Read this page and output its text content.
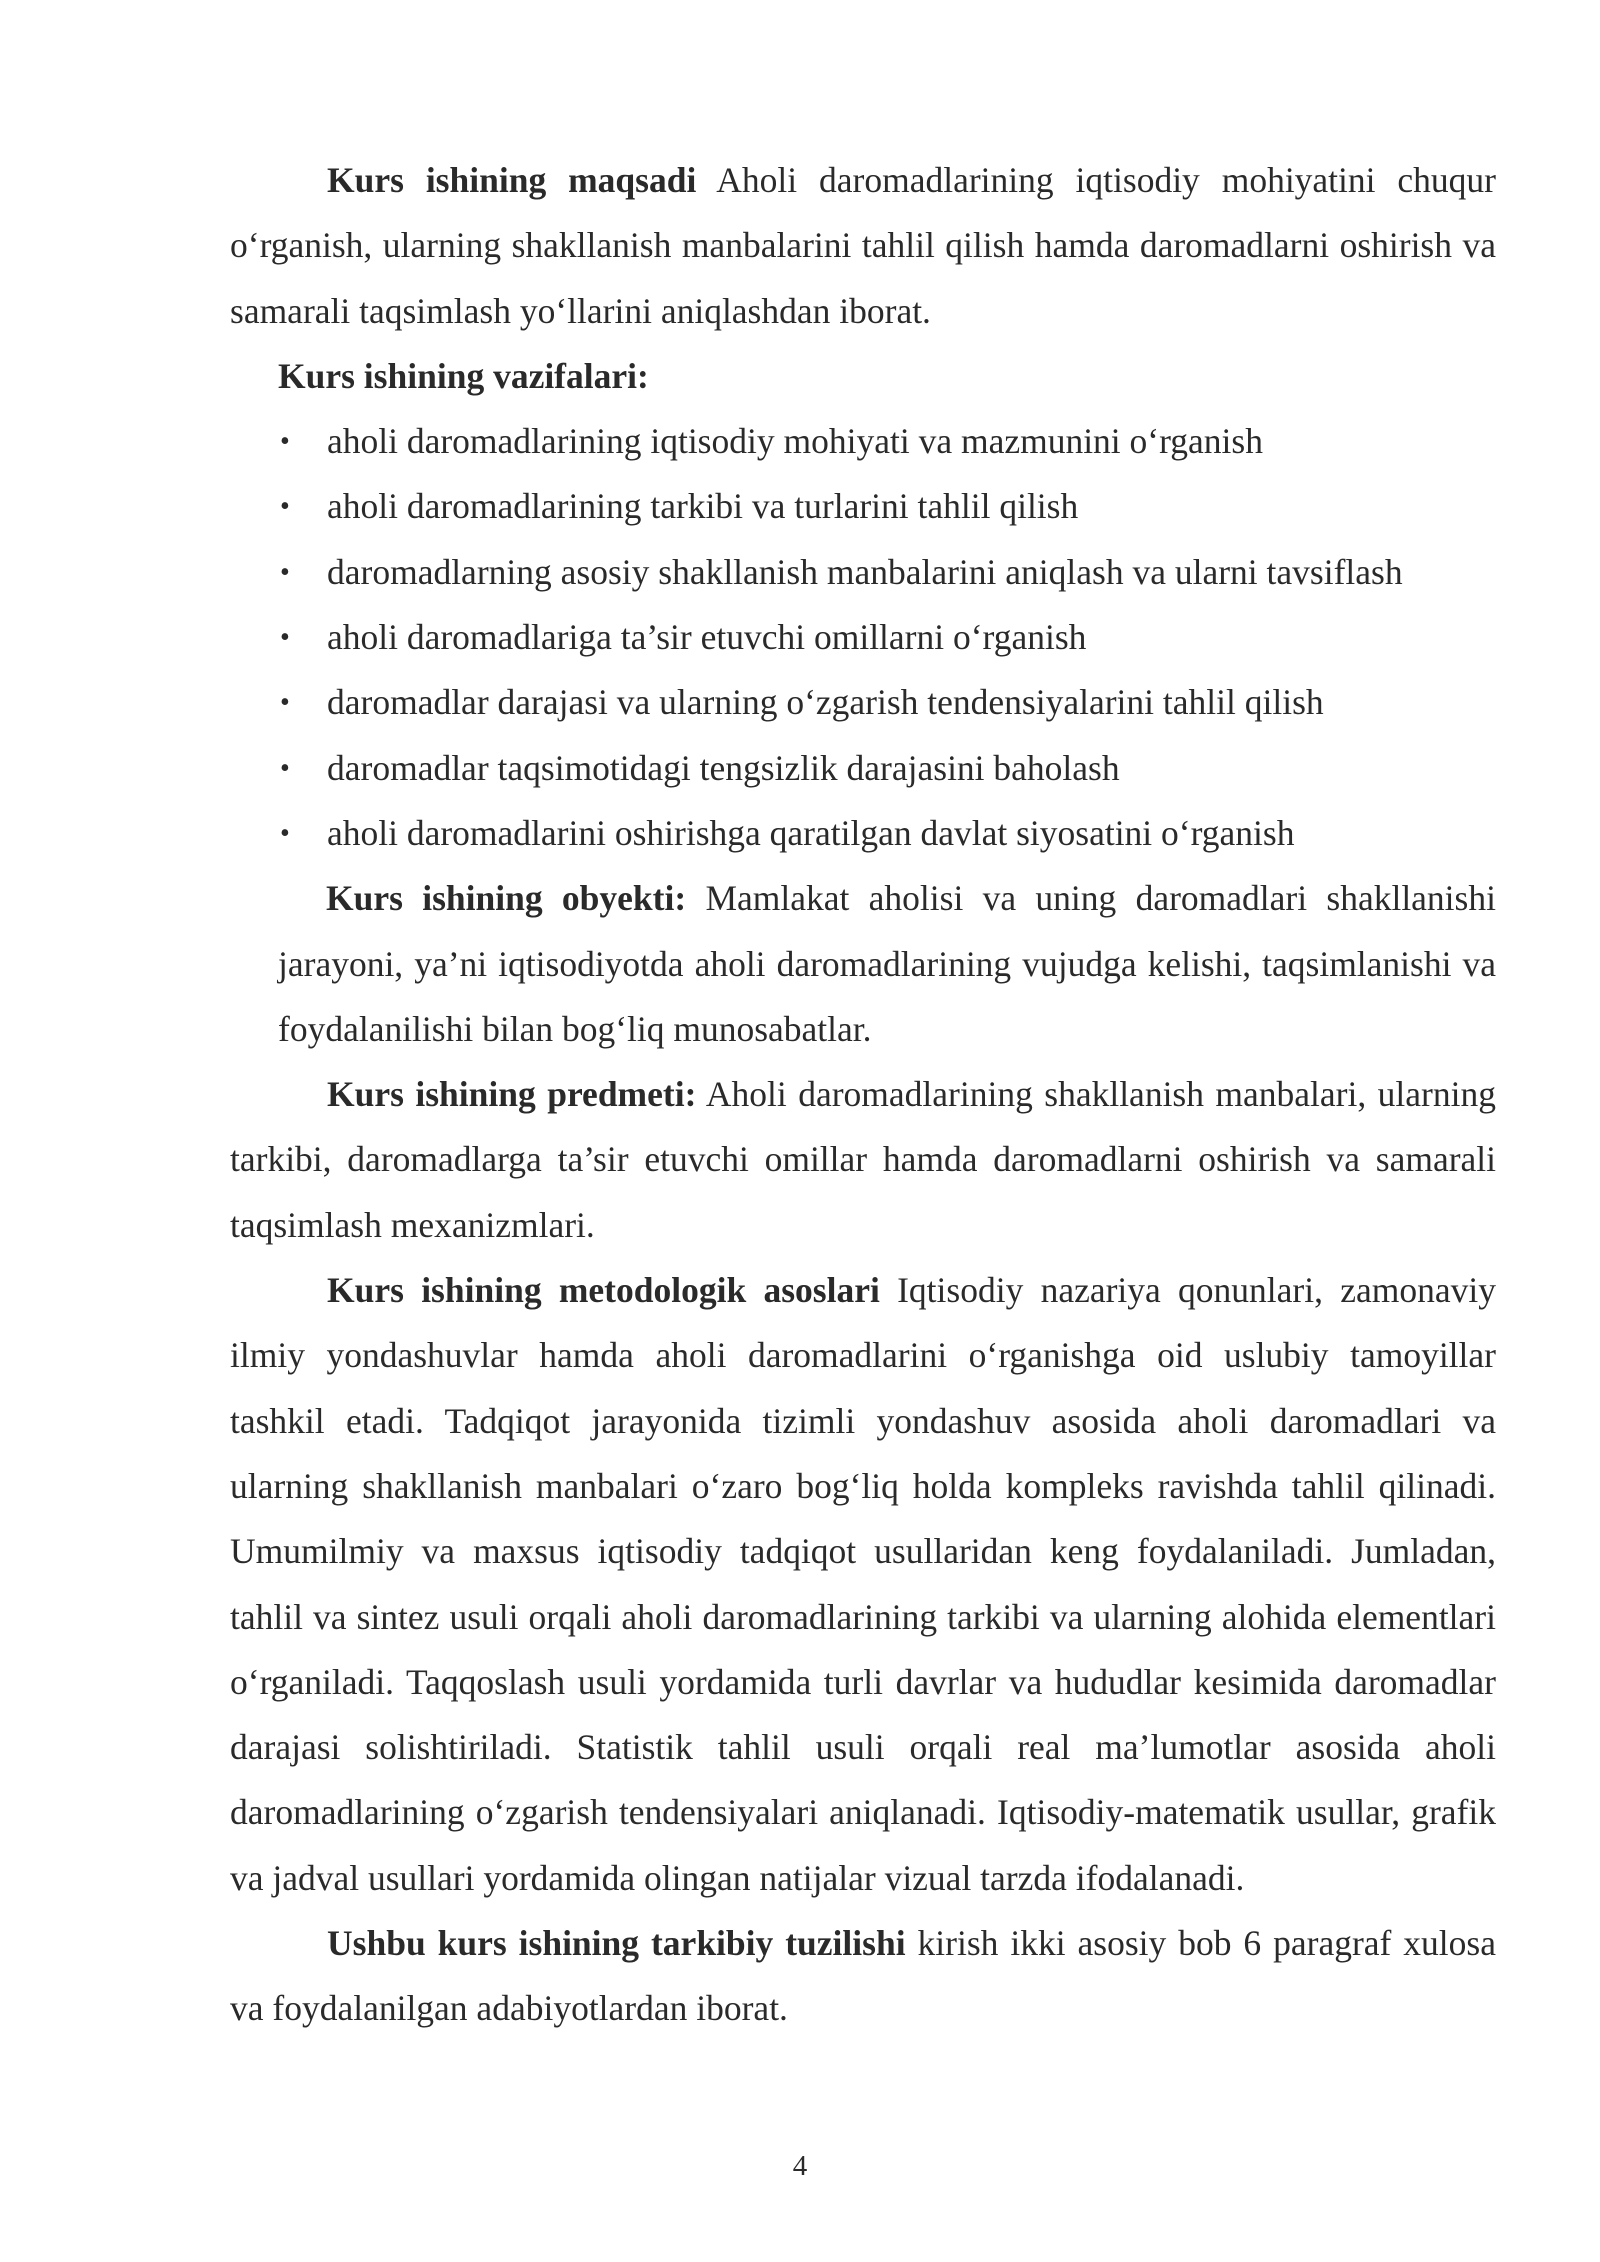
Kurs ishining maqsadi Aholi daromadlarining iqtisodiy mohiyatini chuqur o‘rganish, ularning shakllanish manbalarini tahlil qilish hamda daromadlarni oshirish va samarali taqsimlash yo‘llarini aniqlashdan iborat.

Kurs ishining vazifalari:

• aholi daromadlarining iqtisodiy mohiyati va mazmunini o‘rganish
• aholi daromadlarining tarkibi va turlarini tahlil qilish
• daromadlarning asosiy shakllanish manbalarini aniqlash va ularni tavsiflash
• aholi daromadlariga ta’sir etuvchi omillarni o‘rganish
• daromadlar darajasi va ularning o‘zgarish tendensiyalarini tahlil qilish
• daromadlar taqsimotidagi tengsizlik darajasini baholash
• aholi daromadlarini oshirishga qaratilgan davlat siyosatini o‘rganish

Kurs ishining obyekti: Mamlakat aholisi va uning daromadlari shakllanishi jarayoni, ya’ni iqtisodiyotda aholi daromadlarining vujudga kelishi, taqsimlanishi va foydalanilishi bilan bog‘liq munosabatlar.

Kurs ishining predmeti: Aholi daromadlarining shakllanish manbalari, ularning tarkibi, daromadlarga ta’sir etuvchi omillar hamda daromadlarni oshirish va samarali taqsimlash mexanizmlari.

Kurs ishining metodologik asoslari Iqtisodiy nazariya qonunlari, zamonaviy ilmiy yondashuvlar hamda aholi daromadlarini o‘rganishga oid uslubiy tamoyillar tashkil etadi. Tadqiqot jarayonida tizimli yondashuv asosida aholi daromadlari va ularning shakllanish manbalari o‘zaro bog‘liq holda kompleks ravishda tahlil qilinadi. Umumilmiy va maxsus iqtisodiy tadqiqot usullaridan keng foydalaniladi. Jumladan, tahlil va sintez usuli orqali aholi daromadlarining tarkibi va ularning alohida elementlari o‘rganiladi. Taqqoslash usuli yordamida turli davrlar va hududlar kesimida daromadlar darajasi solishtiriladi. Statistik tahlil usuli orqali real ma’lumotlar asosida aholi daromadlarining o‘zgarish tendensiyalari aniqlanadi. Iqtisodiy-matematik usullar, grafik va jadval usullari yordamida olingan natijalar vizual tarzda ifodalanadi.

Ushbu kurs ishining tarkibiy tuzilishi kirish ikki asosiy bob 6 paragraf xulosa va foydalanilgan adabiyotlardan iborat.

4
